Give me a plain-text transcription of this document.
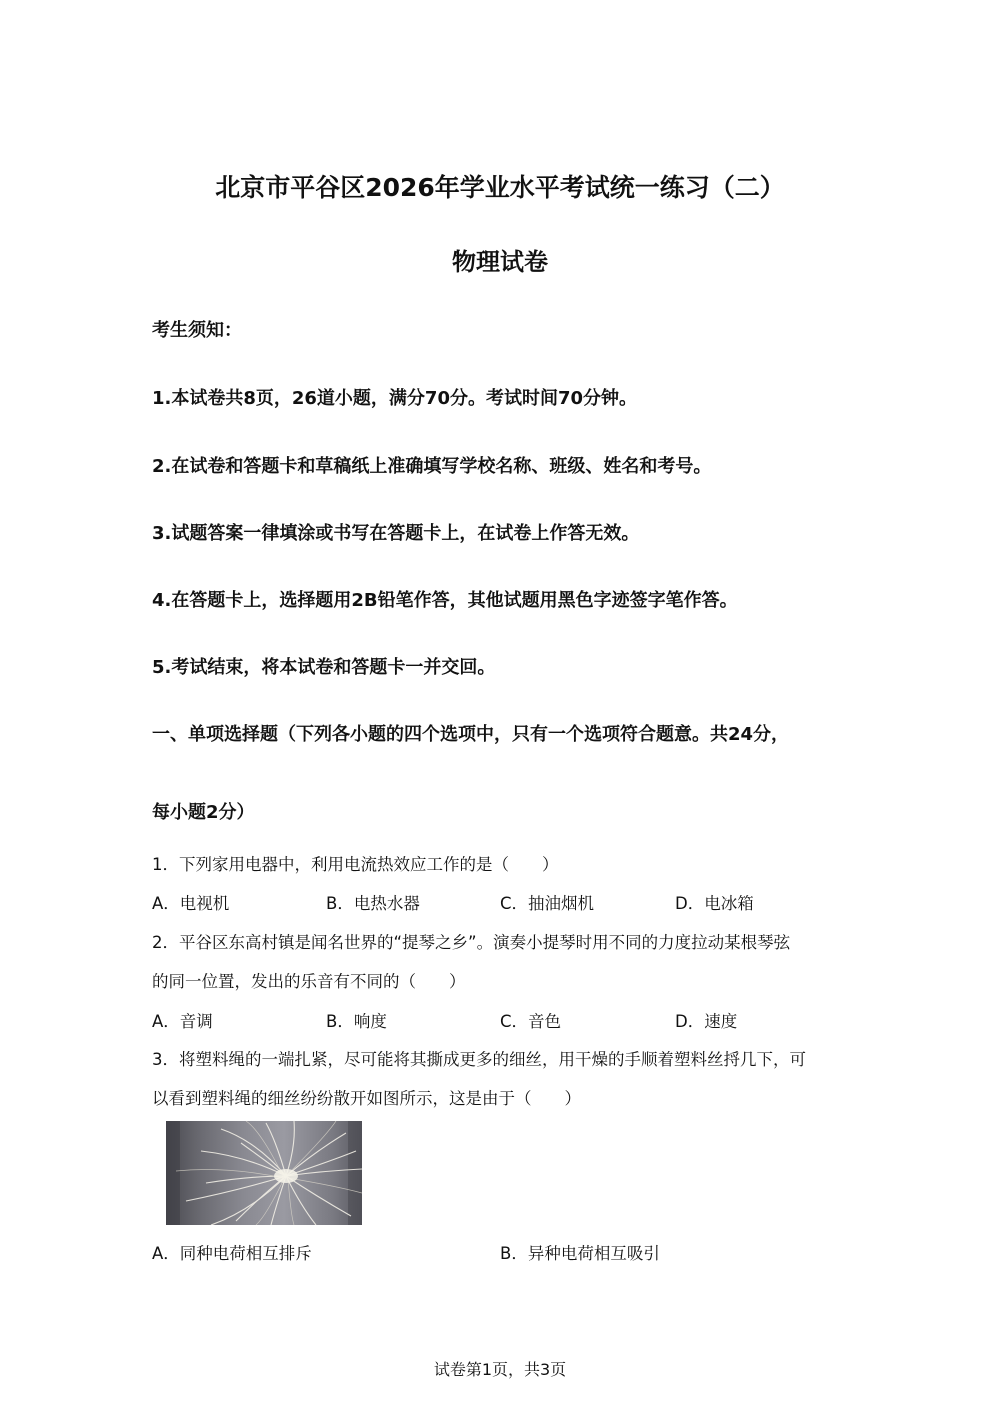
北京市平谷区2026年学业水平考试统一练习（二）
物理试卷
考生须知：
1.本试卷共8页，26道小题，满分70分。考试时间70分钟。
2.在试卷和答题卡和草稿纸上准确填写学校名称、班级、姓名和考号。
3.试题答案一律填涂或书写在答题卡上，在试卷上作答无效。
4.在答题卡上，选择题用2B铅笔作答，其他试题用黑色字迹签字笔作答。
5.考试结束，将本试卷和答题卡一并交回。
一、单项选择题（下列各小题的四个选项中，只有一个选项符合题意。共24分，
每小题2分）
1．下列家用电器中，利用电流热效应工作的是（　　）
A．电视机	B．电热水器	C．抽油烟机	D．电冰箱
2．平谷区东高村镇是闻名世界的“提琴之乡”。演奏小提琴时用不同的力度拉动某根琴弦
的同一位置，发出的乐音有不同的（　　）
A．音调	B．响度	C．音色	D．速度
3．将塑料绳的一端扎紧，尽可能将其撕成更多的细丝，用干燥的手顺着塑料丝捋几下，可
以看到塑料绳的细丝纷纷散开如图所示，这是由于（　　）
A．同种电荷相互排斥	B．异种电荷相互吸引
试卷第1页，共3页
